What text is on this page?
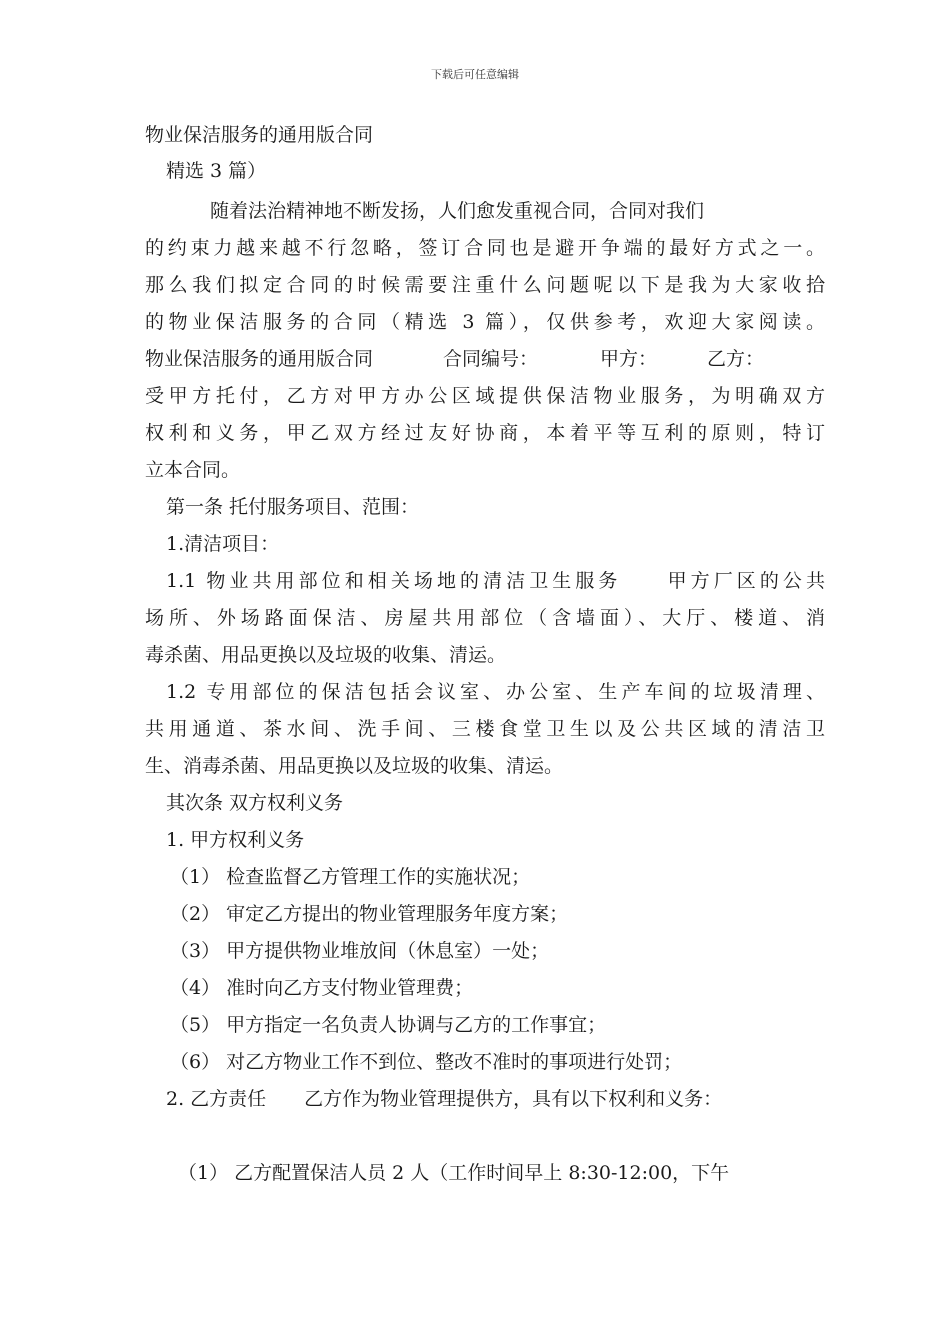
下载后可任意编辑
物业保洁服务的通用版合同
精选 3 篇）
随着法治精神地不断发扬，人们愈发重视合同，合同对我们
的约束力越来越不行忽略，签订合同也是避开争端的最好方式之一。
那么我们拟定合同的时候需要注重什么问题呢以下是我为大家收拾
的物业保洁服务的合同（精选 3 篇），仅供参考，欢迎大家阅读。
物业保洁服务的通用版合同	合同编号：	甲方：	乙方：
受甲方托付，乙方对甲方办公区域提供保洁物业服务，为明确双方
权利和义务，甲乙双方经过友好协商，本着平等互利的原则，特订
立本合同。
第一条 托付服务项目、范围：
1.清洁项目：
1.1 物业共用部位和相关场地的清洁卫生服务　　甲方厂区的公共
场所、外场路面保洁、房屋共用部位（含墙面）、大厅、楼道、消
毒杀菌、用品更换以及垃圾的收集、清运。
1.2 专用部位的保洁包括会议室、办公室、生产车间的垃圾清理、
共用通道、茶水间、洗手间、三楼食堂卫生以及公共区域的清洁卫
生、消毒杀菌、用品更换以及垃圾的收集、清运。
其次条 双方权利义务
1. 甲方权利义务
（1） 检查监督乙方管理工作的实施状况；
（2） 审定乙方提出的物业管理服务年度方案；
（3） 甲方提供物业堆放间（休息室）一处；
（4） 准时向乙方支付物业管理费；
（5） 甲方指定一名负责人协调与乙方的工作事宜；
（6） 对乙方物业工作不到位、整改不准时的事项进行处罚；
2. 乙方责任　　乙方作为物业管理提供方，具有以下权利和义务：
（1） 乙方配置保洁人员 2 人（工作时间早上 8:30-12:00，下午
